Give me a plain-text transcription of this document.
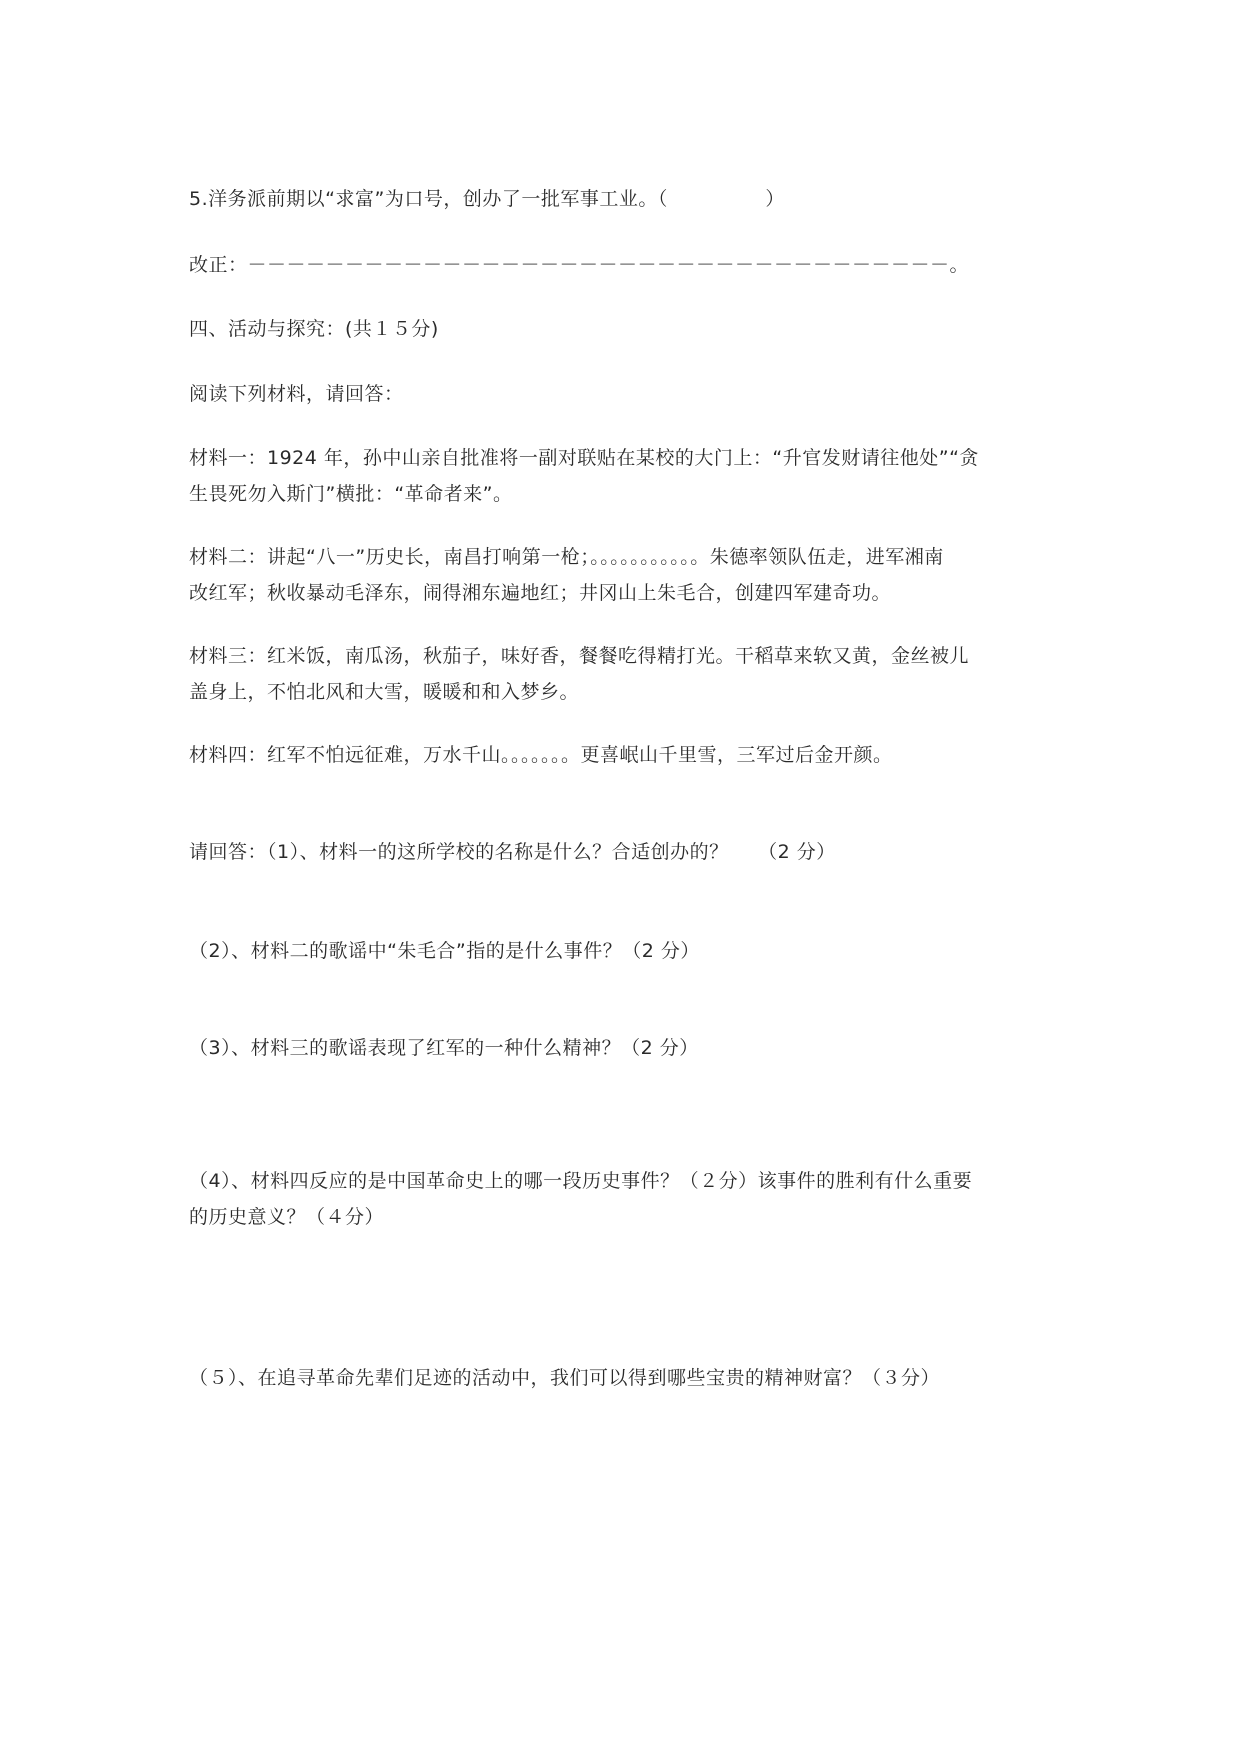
5.洋务派前期以“求富”为口号，创办了一批军事工业。（　　　　　）
改正：－－－－－－－－－－－－－－－－－－－－－－－－－－－－－－－－－－－－。
四、活动与探究：(共１５分)
阅读下列材料，请回答：
材料一：1924 年，孙中山亲自批准将一副对联贴在某校的大门上：“升官发财请往他处”“贪
生畏死勿入斯门”横批：“革命者来”。
材料二：讲起“八一”历史长，南昌打响第一枪；。。。。。。。。。。。朱德率领队伍走，进军湘南
改红军；秋收暴动毛泽东，闹得湘东遍地红；井冈山上朱毛合，创建四军建奇功。
材料三：红米饭，南瓜汤，秋茄子，味好香，餐餐吃得精打光。干稻草来软又黄，金丝被儿
盖身上，不怕北风和大雪，暖暖和和入梦乡。
材料四：红军不怕远征难，万水千山。。。。。。。更喜岷山千里雪，三军过后金开颜。
请回答：（1）、材料一的这所学校的名称是什么？合适创办的？　　（2 分）
（2）、材料二的歌谣中“朱毛合”指的是什么事件？（2 分）
（3）、材料三的歌谣表现了红军的一种什么精神？（2 分）
（4）、材料四反应的是中国革命史上的哪一段历史事件？（２分）该事件的胜利有什么重要
的历史意义？（４分）
（５）、在追寻革命先辈们足迹的活动中，我们可以得到哪些宝贵的精神财富？（３分）
